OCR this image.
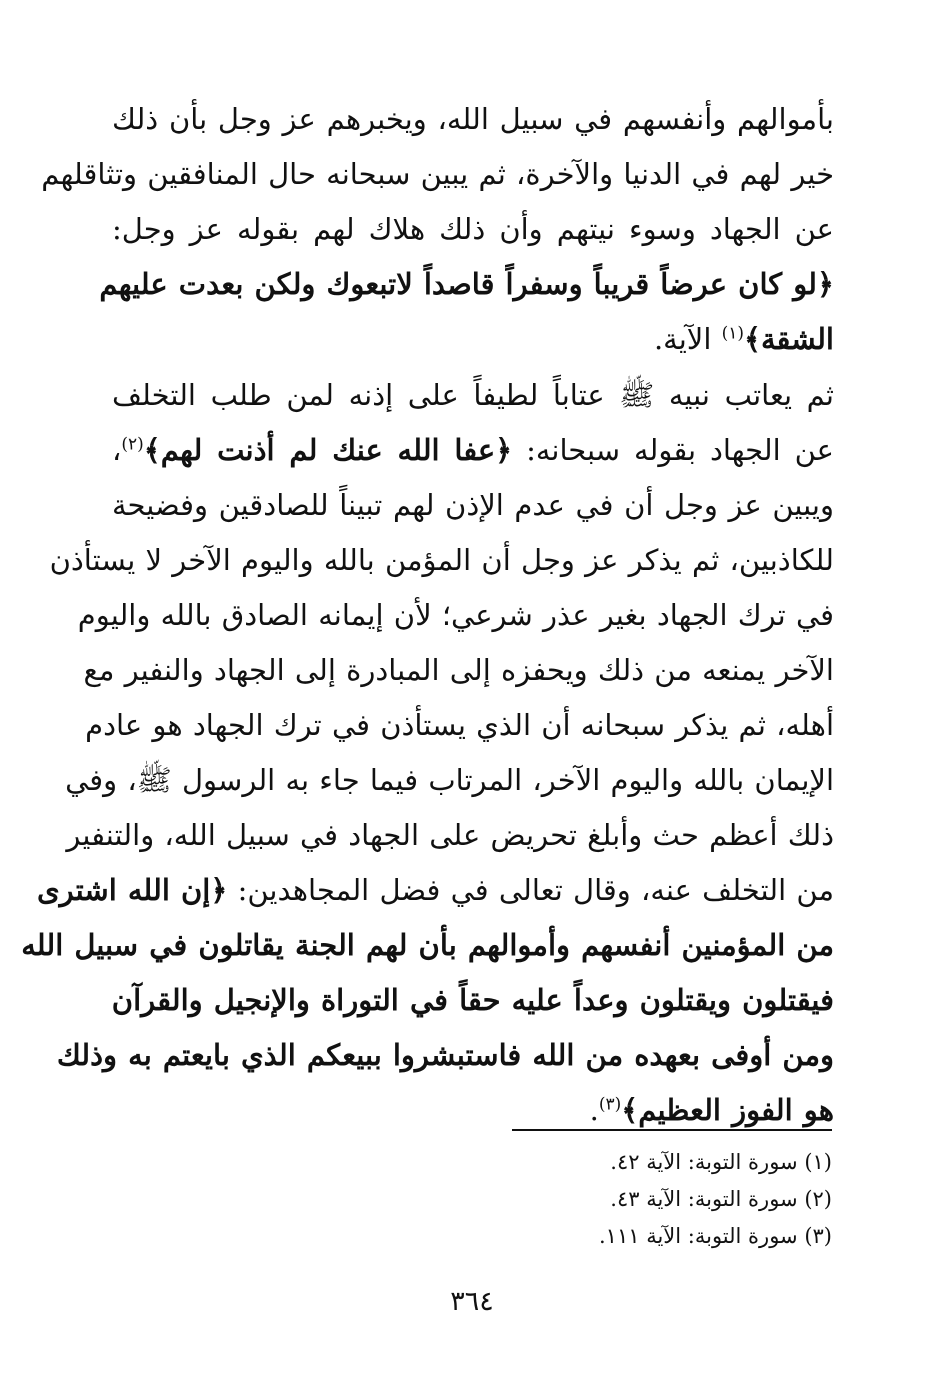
بأموالهم وأنفسهم في سبيل الله، ويخبرهم عز وجل بأن ذلك
خير لهم في الدنيا والآخرة، ثم يبين سبحانه حال المنافقين وتثاقلهم
عن الجهاد وسوء نيتهم وأن ذلك هلاك لهم بقوله عز وجل:
﴿لو كان عرضاً قريباً وسفراً قاصداً لاتبعوك ولكن بعدت عليهم
الشقة﴾$^{(١)}$ الآية.
ثم يعاتب نبيه ﷺ عتاباً لطيفاً على إذنه لمن طلب التخلف
عن الجهاد بقوله سبحانه: ﴿عفا الله عنك لم أذنت لهم﴾$^{(٢)}$،
ويبين عز وجل أن في عدم الإذن لهم تبيناً للصادقين وفضيحة
للكاذبين، ثم يذكر عز وجل أن المؤمن بالله واليوم الآخر لا يستأذن
في ترك الجهاد بغير عذر شرعي؛ لأن إيمانه الصادق بالله واليوم
الآخر يمنعه من ذلك ويحفزه إلى المبادرة إلى الجهاد والنفير مع
أهله، ثم يذكر سبحانه أن الذي يستأذن في ترك الجهاد هو عادم
الإيمان بالله واليوم الآخر، المرتاب فيما جاء به الرسول ﷺ، وفي
ذلك أعظم حث وأبلغ تحريض على الجهاد في سبيل الله، والتنفير
من التخلف عنه، وقال تعالى في فضل المجاهدين: ﴿إن الله اشترى
من المؤمنين أنفسهم وأموالهم بأن لهم الجنة يقاتلون في سبيل الله
فيقتلون ويقتلون وعداً عليه حقاً في التوراة والإنجيل والقرآن
ومن أوفى بعهده من الله فاستبشروا ببيعكم الذي بايعتم به وذلك
هو الفوز العظيم﴾$^{(٣)}$.
(١) سورة التوبة: الآية ٤٢.
(٢) سورة التوبة: الآية ٤٣.
(٣) سورة التوبة: الآية ١١١.
٣٦٤
